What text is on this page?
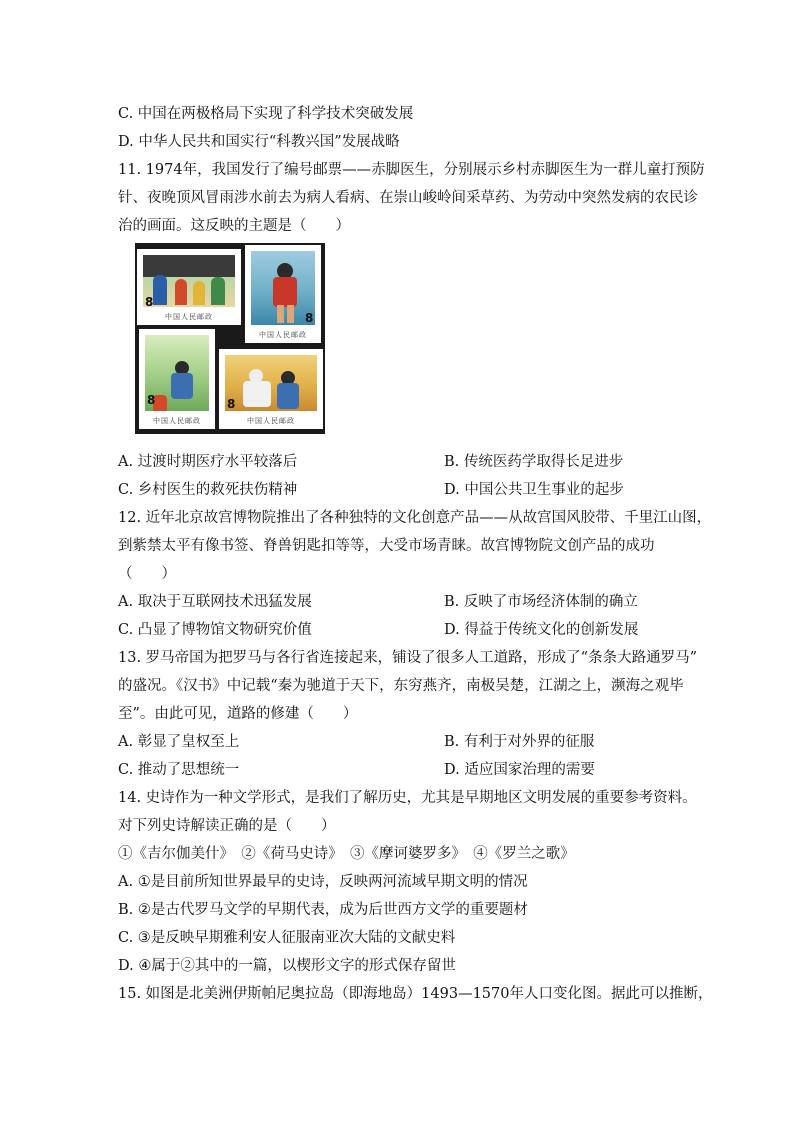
C. 中国在两极格局下实现了科学技术突破发展
D. 中华人民共和国实行“科教兴国”发展战略
11. 1974年，我国发行了编号邮票——赤脚医生，分别展示乡村赤脚医生为一群儿童打预防
针、夜晚顶风冒雨涉水前去为病人看病、在崇山峻岭间采草药、为劳动中突然发病的农民诊
治的画面。这反映的主题是（　　）
8
中国人民邮政	8
中国人民邮政
8
中国人民邮政
8
中国人民邮政
A. 过渡时期医疗水平较落后	B. 传统医药学取得长足进步
C. 乡村医生的救死扶伤精神	D. 中国公共卫生事业的起步
12. 近年北京故宫博物院推出了各种独特的文化创意产品——从故宫国风胶带、千里江山图，
到紫禁太平有像书签、脊兽钥匙扣等等，大受市场青睐。故宫博物院文创产品的成功
（　　）
A. 取决于互联网技术迅猛发展	B. 反映了市场经济体制的确立
C. 凸显了博物馆文物研究价值	D. 得益于传统文化的创新发展
13. 罗马帝国为把罗马与各行省连接起来，铺设了很多人工道路，形成了“条条大路通罗马”
的盛况。《汉书》中记载“秦为驰道于天下，东穷燕齐，南极吴楚，江湖之上，濒海之观毕
至”。由此可见，道路的修建（　　）
A. 彰显了皇权至上	B. 有利于对外界的征服
C. 推动了思想统一	D. 适应国家治理的需要
14. 史诗作为一种文学形式，是我们了解历史，尤其是早期地区文明发展的重要参考资料。
对下列史诗解读正确的是（　　）
①《吉尔伽美什》　②《荷马史诗》　③《摩诃婆罗多》　④《罗兰之歌》
A. ①是目前所知世界最早的史诗，反映两河流域早期文明的情况
B. ②是古代罗马文学的早期代表，成为后世西方文学的重要题材
C. ③是反映早期雅利安人征服南亚次大陆的文献史料
D. ④属于②其中的一篇，以楔形文字的形式保存留世
15. 如图是北美洲伊斯帕尼奥拉岛（即海地岛）1493—1570年人口变化图。据此可以推断，
